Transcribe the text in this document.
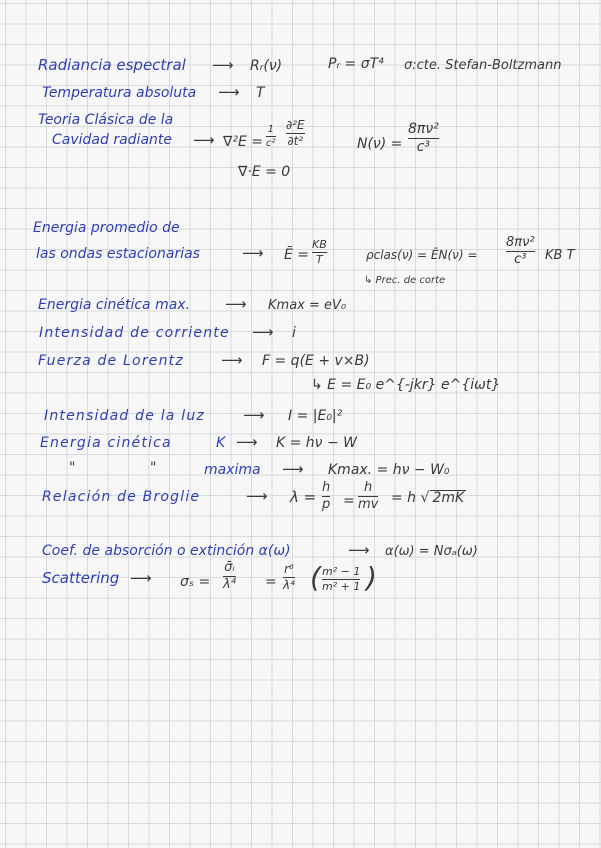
Radiancia espectral ⟶ Rᵣ(ν)	Pᵣ = σT⁴ σ:cte. Stefan-Boltzmann
Temperatura absoluta ⟶ T
Teoria Clásica de la
Cavidad radiante ⟶ ∇²E =
1
c²
∂²E
∂t²
∇·E = 0
N(ν) =
8πν²
c³
Energia promedio de
las ondas estacionarias	⟶ Ē =
KB
T	ρclas(ν) = ĒN(ν) =
8πν²
c³	KB T
↳ Prec. de corte
Energia cinética max. ⟶ Kmax = eV₀
Intensidad de corriente ⟶ i
Fuerza de Lorentz ⟶ F = q(E + v×B)
↳ E = E₀ e^{-jkr} e^{iωt}
Intensidad de la luz	⟶ I = |E₀|²
Energia cinética	K ⟶ K = hν − W
"	"	maxima ⟶ Kmax. = hν − W₀
Relación de Broglie	⟶ λ =
h
p =
h
mv = h √ 2mK
Coef. de absorción o extinción α(ω)	⟶ α(ω) = Nσₐ(ω)
Scattering ⟶ σₛ =
σ̄ᵢ
λ⁴ =
r⁶
λ⁴ ( m² − 1
m² + 1 )
